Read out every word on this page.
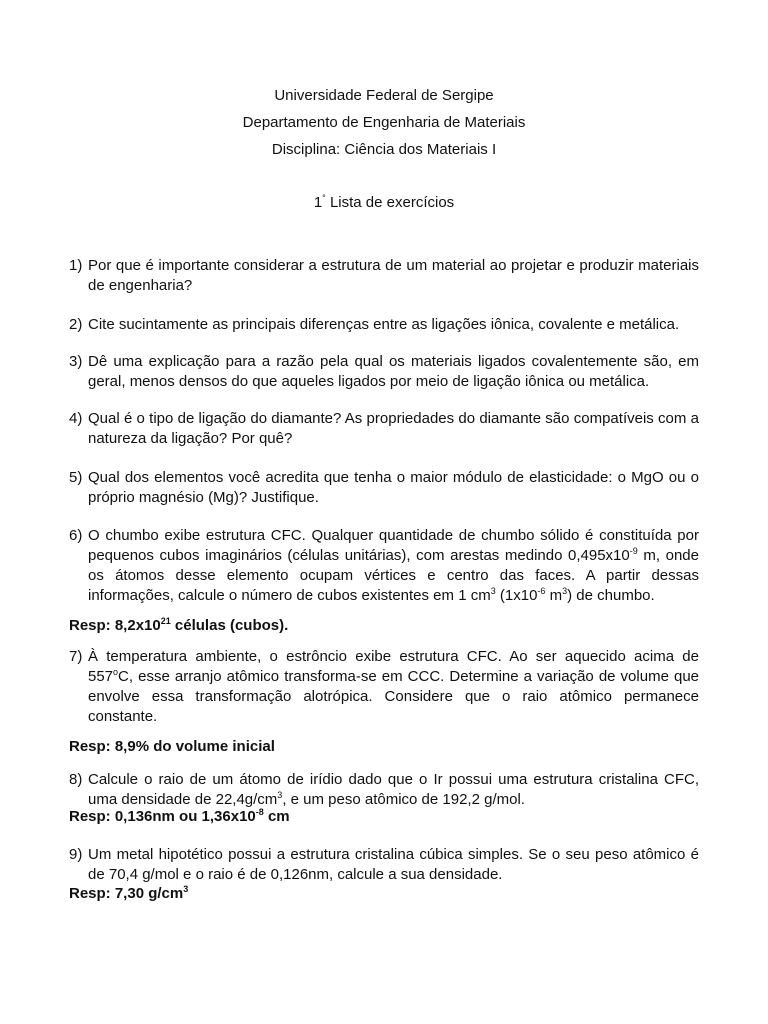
Universidade Federal de Sergipe
Departamento de Engenharia de Materiais
Disciplina: Ciência dos Materiais I
1° Lista de exercícios
1) Por que é importante considerar a estrutura de um material ao projetar e produzir materiais de engenharia?
2) Cite sucintamente as principais diferenças entre as ligações iônica, covalente e metálica.
3) Dê uma explicação para a razão pela qual os materiais ligados covalentemente são, em geral, menos densos do que aqueles ligados por meio de ligação iônica ou metálica.
4) Qual é o tipo de ligação do diamante? As propriedades do diamante são compatíveis com a natureza da ligação? Por quê?
5) Qual dos elementos você acredita que tenha o maior módulo de elasticidade: o MgO ou o próprio magnésio (Mg)? Justifique.
6) O chumbo exibe estrutura CFC. Qualquer quantidade de chumbo sólido é constituída por pequenos cubos imaginários (células unitárias), com arestas medindo $0,495x10^{-9}$ m, onde os átomos desse elemento ocupam vértices e centro das faces. A partir dessas informações, calcule o número de cubos existentes em 1 $cm^3$ ($1x10^{-6}$ $m^3$) de chumbo.
Resp: $8,2x10^{21}$ células (cubos).
7) À temperatura ambiente, o estrôncio exibe estrutura CFC. Ao ser aquecido acima de 557$^o$C, esse arranjo atômico transforma-se em CCC. Determine a variação de volume que envolve essa transformação alotrópica. Considere que o raio atômico permanece constante.
Resp: 8,9% do volume inicial
8) Calcule o raio de um átomo de irídio dado que o Ir possui uma estrutura cristalina CFC, uma densidade de $22,4g/cm^3$, e um peso atômico de 192,2 g/mol.
Resp: 0,136nm ou $1,36x10^{-8}$ cm
9) Um metal hipotético possui a estrutura cristalina cúbica simples. Se o seu peso atômico é de 70,4 g/mol e o raio é de 0,126nm, calcule a sua densidade.
Resp: 7,30 $g/cm^3$
